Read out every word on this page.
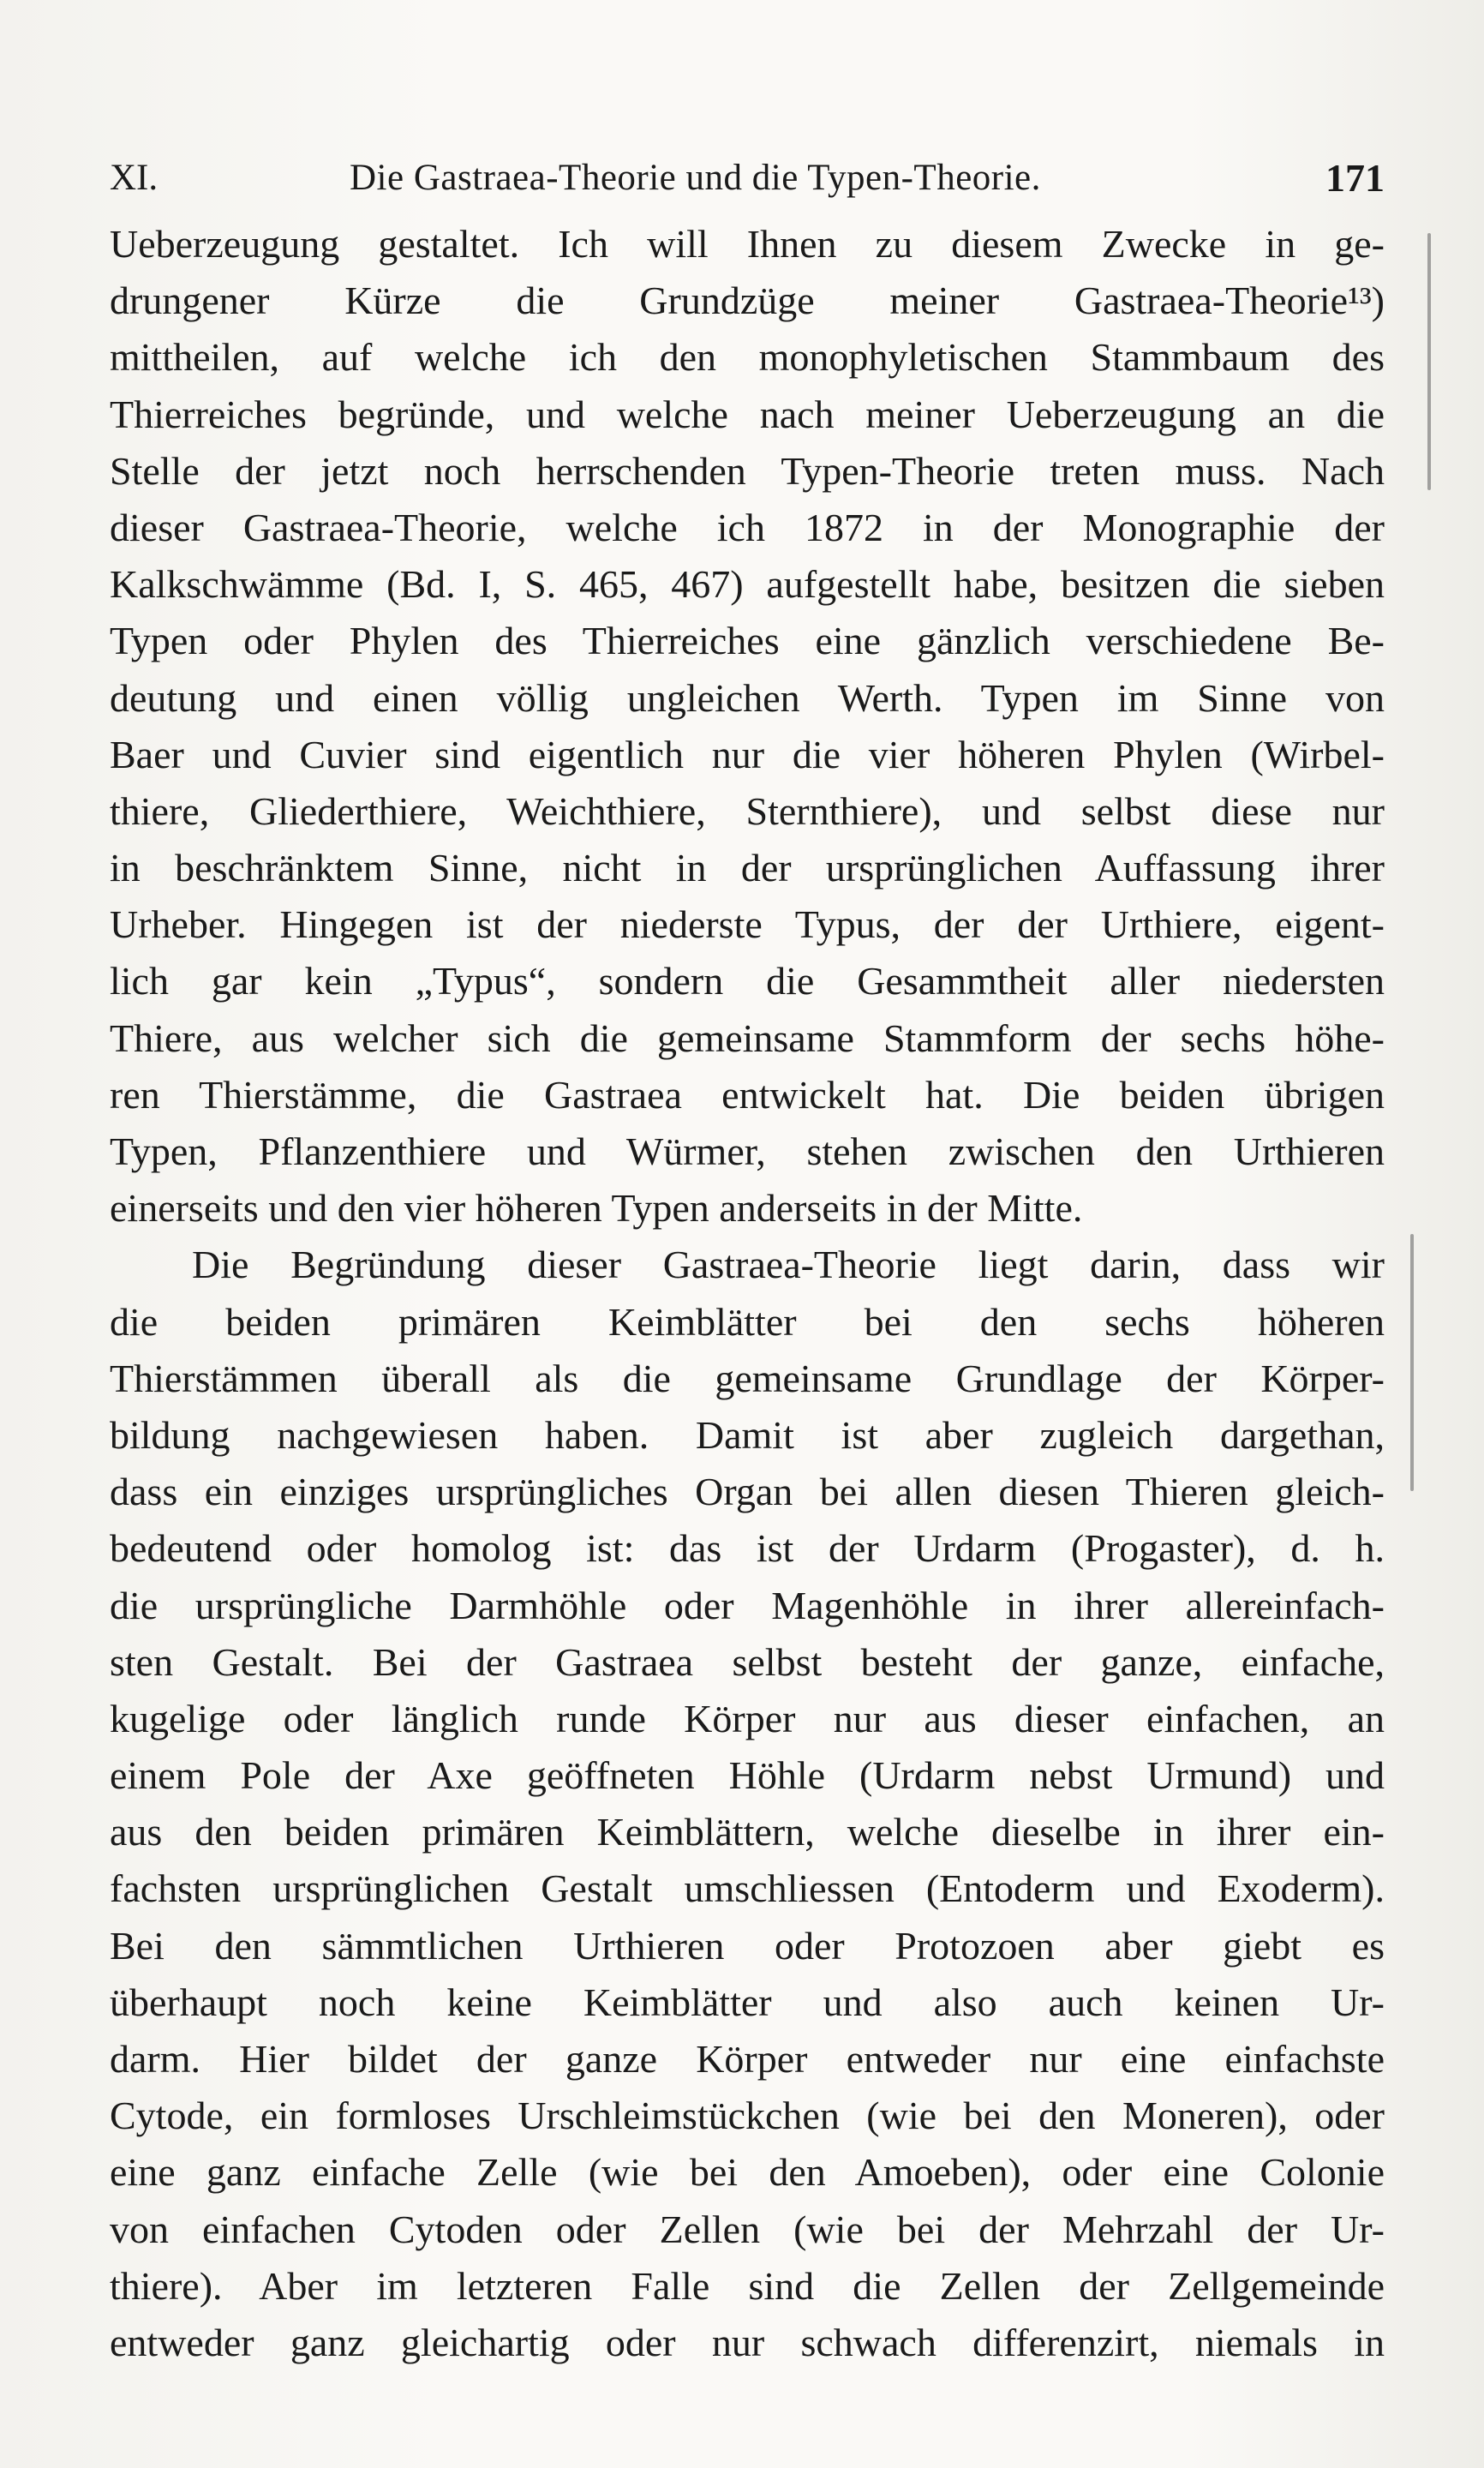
XI.	Die Gastraea-Theorie und die Typen-Theorie.	171
Ueberzeugung gestaltet. Ich will Ihnen zu diesem Zwecke in ge-
drungener Kürze die Grundzüge meiner Gastraea-Theorie¹³)
mittheilen, auf welche ich den monophyletischen Stammbaum des
Thierreiches begründe, und welche nach meiner Ueberzeugung an die
Stelle der jetzt noch herrschenden Typen-Theorie treten muss. Nach
dieser Gastraea-Theorie, welche ich 1872 in der Monographie der
Kalkschwämme (Bd. I, S. 465, 467) aufgestellt habe, besitzen die sieben
Typen oder Phylen des Thierreiches eine gänzlich verschiedene Be-
deutung und einen völlig ungleichen Werth. Typen im Sinne von
Baer und Cuvier sind eigentlich nur die vier höheren Phylen (Wirbel-
thiere, Gliederthiere, Weichthiere, Sternthiere), und selbst diese nur
in beschränktem Sinne, nicht in der ursprünglichen Auffassung ihrer
Urheber. Hingegen ist der niederste Typus, der der Urthiere, eigent-
lich gar kein „Typus“, sondern die Gesammtheit aller niedersten
Thiere, aus welcher sich die gemeinsame Stammform der sechs höhe-
ren Thierstämme, die Gastraea entwickelt hat. Die beiden übrigen
Typen, Pflanzenthiere und Würmer, stehen zwischen den Urthieren
einerseits und den vier höheren Typen anderseits in der Mitte.
Die Begründung dieser Gastraea-Theorie liegt darin, dass wir
die beiden primären Keimblätter bei den sechs höheren
Thierstämmen überall als die gemeinsame Grundlage der Körper-
bildung nachgewiesen haben. Damit ist aber zugleich dargethan,
dass ein einziges ursprüngliches Organ bei allen diesen Thieren gleich-
bedeutend oder homolog ist: das ist der Urdarm (Progaster), d. h.
die ursprüngliche Darmhöhle oder Magenhöhle in ihrer allereinfach-
sten Gestalt. Bei der Gastraea selbst besteht der ganze, einfache,
kugelige oder länglich runde Körper nur aus dieser einfachen, an
einem Pole der Axe geöffneten Höhle (Urdarm nebst Urmund) und
aus den beiden primären Keimblättern, welche dieselbe in ihrer ein-
fachsten ursprünglichen Gestalt umschliessen (Entoderm und Exoderm).
Bei den sämmtlichen Urthieren oder Protozoen aber giebt es
überhaupt noch keine Keimblätter und also auch keinen Ur-
darm. Hier bildet der ganze Körper entweder nur eine einfachste
Cytode, ein formloses Urschleimstückchen (wie bei den Moneren), oder
eine ganz einfache Zelle (wie bei den Amoeben), oder eine Colonie
von einfachen Cytoden oder Zellen (wie bei der Mehrzahl der Ur-
thiere). Aber im letzteren Falle sind die Zellen der Zellgemeinde
entweder ganz gleichartig oder nur schwach differenzirt, niemals in
